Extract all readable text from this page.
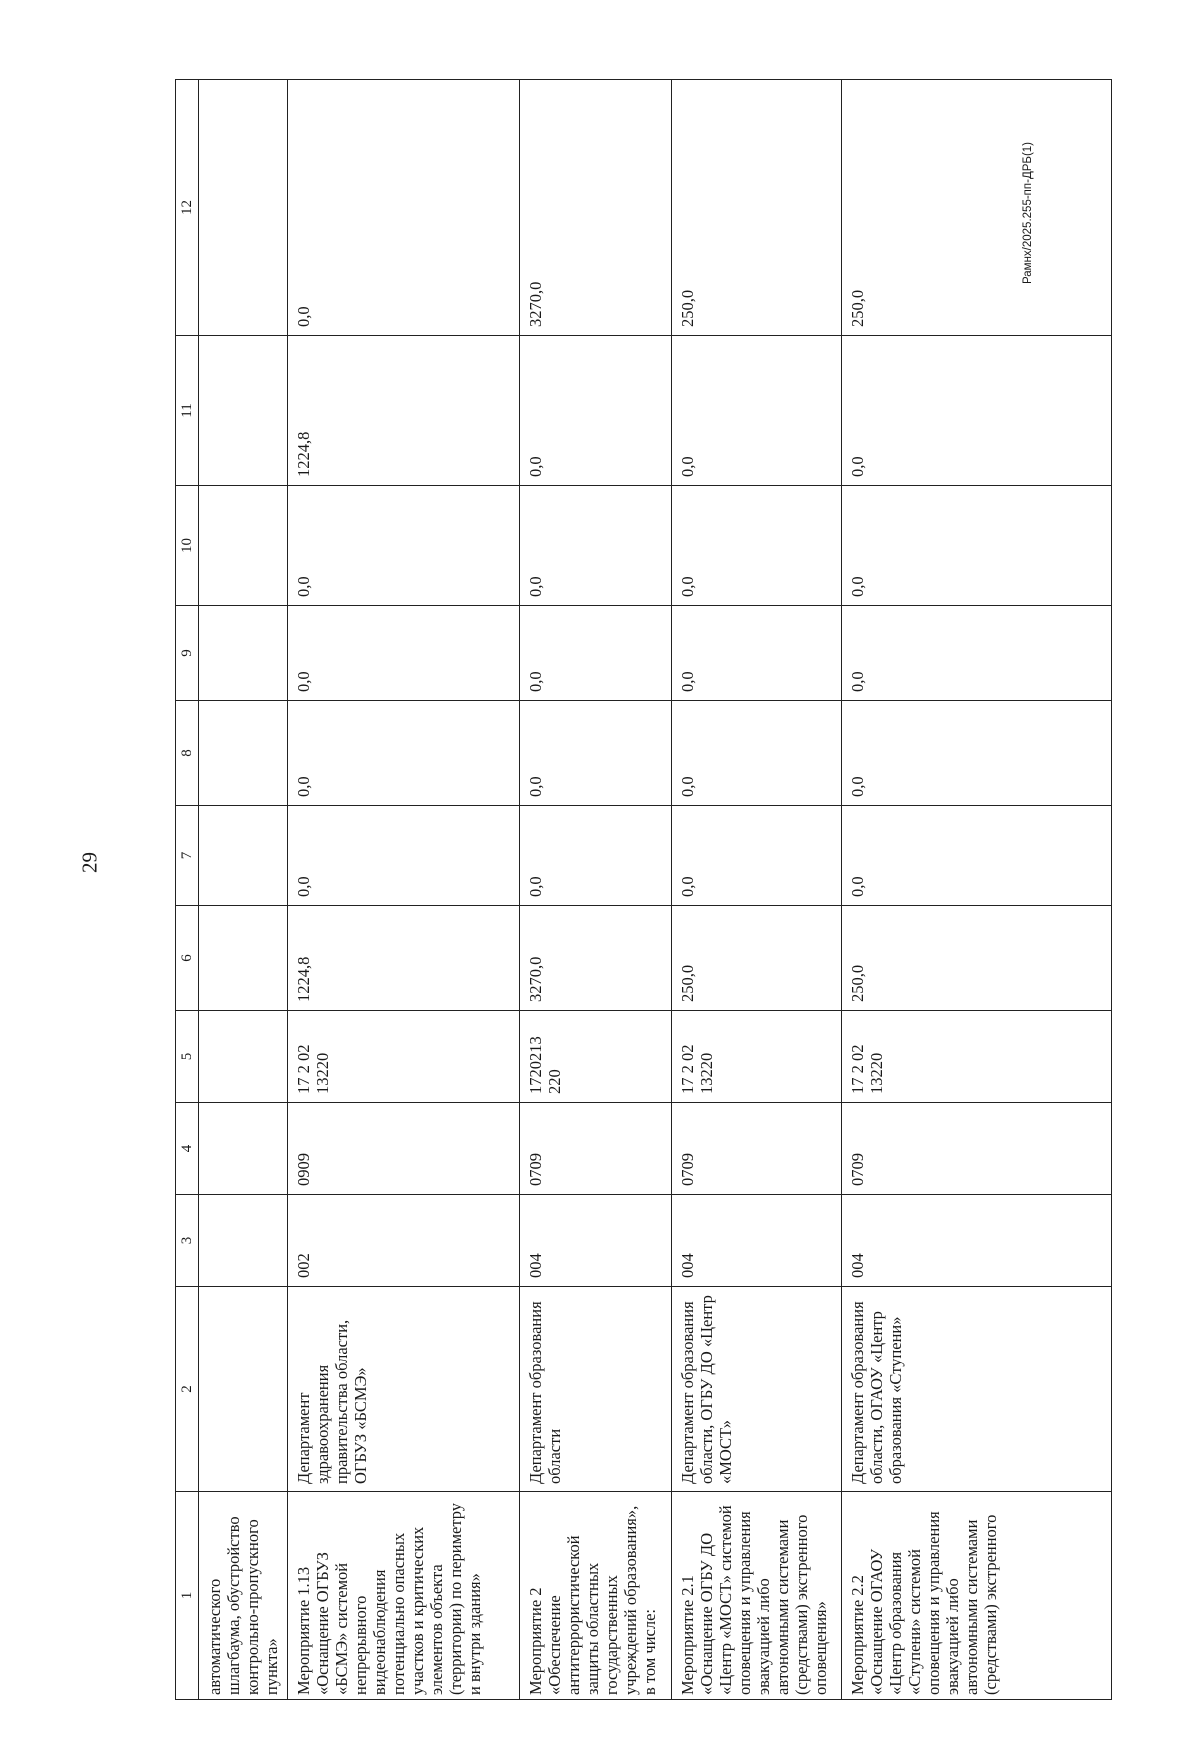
29
Рамнх/2025.255-пп-ДРБ(1)
1	2	3	4	5	6	7	8	9	10	11	12
автоматического шлагбаума, обустройство контрольно-пропускного пункта»											
Мероприятие 1.13 «Оснащение ОГБУЗ «БСМЭ» системой непрерывного видеонаблюдения потенциально опасных участков и критических элементов объекта (территории) по периметру и внутри здания»	Департамент здравоохранения правительства области, ОГБУЗ «БСМЭ»	002	0909	17 2 02 13220	1224,8	0,0	0,0	0,0	0,0	1224,8	0,0
Мероприятие 2 «Обеспечение антитеррористической защиты областных государственных учреждений образования», в том числе:	Департамент образования области	004	0709	1720213 220	3270,0	0,0	0,0	0,0	0,0	0,0	3270,0
Мероприятие 2.1 «Оснащение ОГБУ ДО «Центр «МОСТ» системой оповещения и управления эвакуацией либо автономными системами (средствами) экстренного оповещения»	Департамент образования области, ОГБУ ДО «Центр «МОСТ»	004	0709	17 2 02 13220	250,0	0,0	0,0	0,0	0,0	0,0	250,0
Мероприятие 2.2 «Оснащение ОГАОУ «Центр образования «Ступени» системой оповещения и управления эвакуацией либо автономными системами (средствами) экстренного	Департамент образования области, ОГАОУ «Центр образования «Ступени»	004	0709	17 2 02 13220	250,0	0,0	0,0	0,0	0,0	0,0	250,0
